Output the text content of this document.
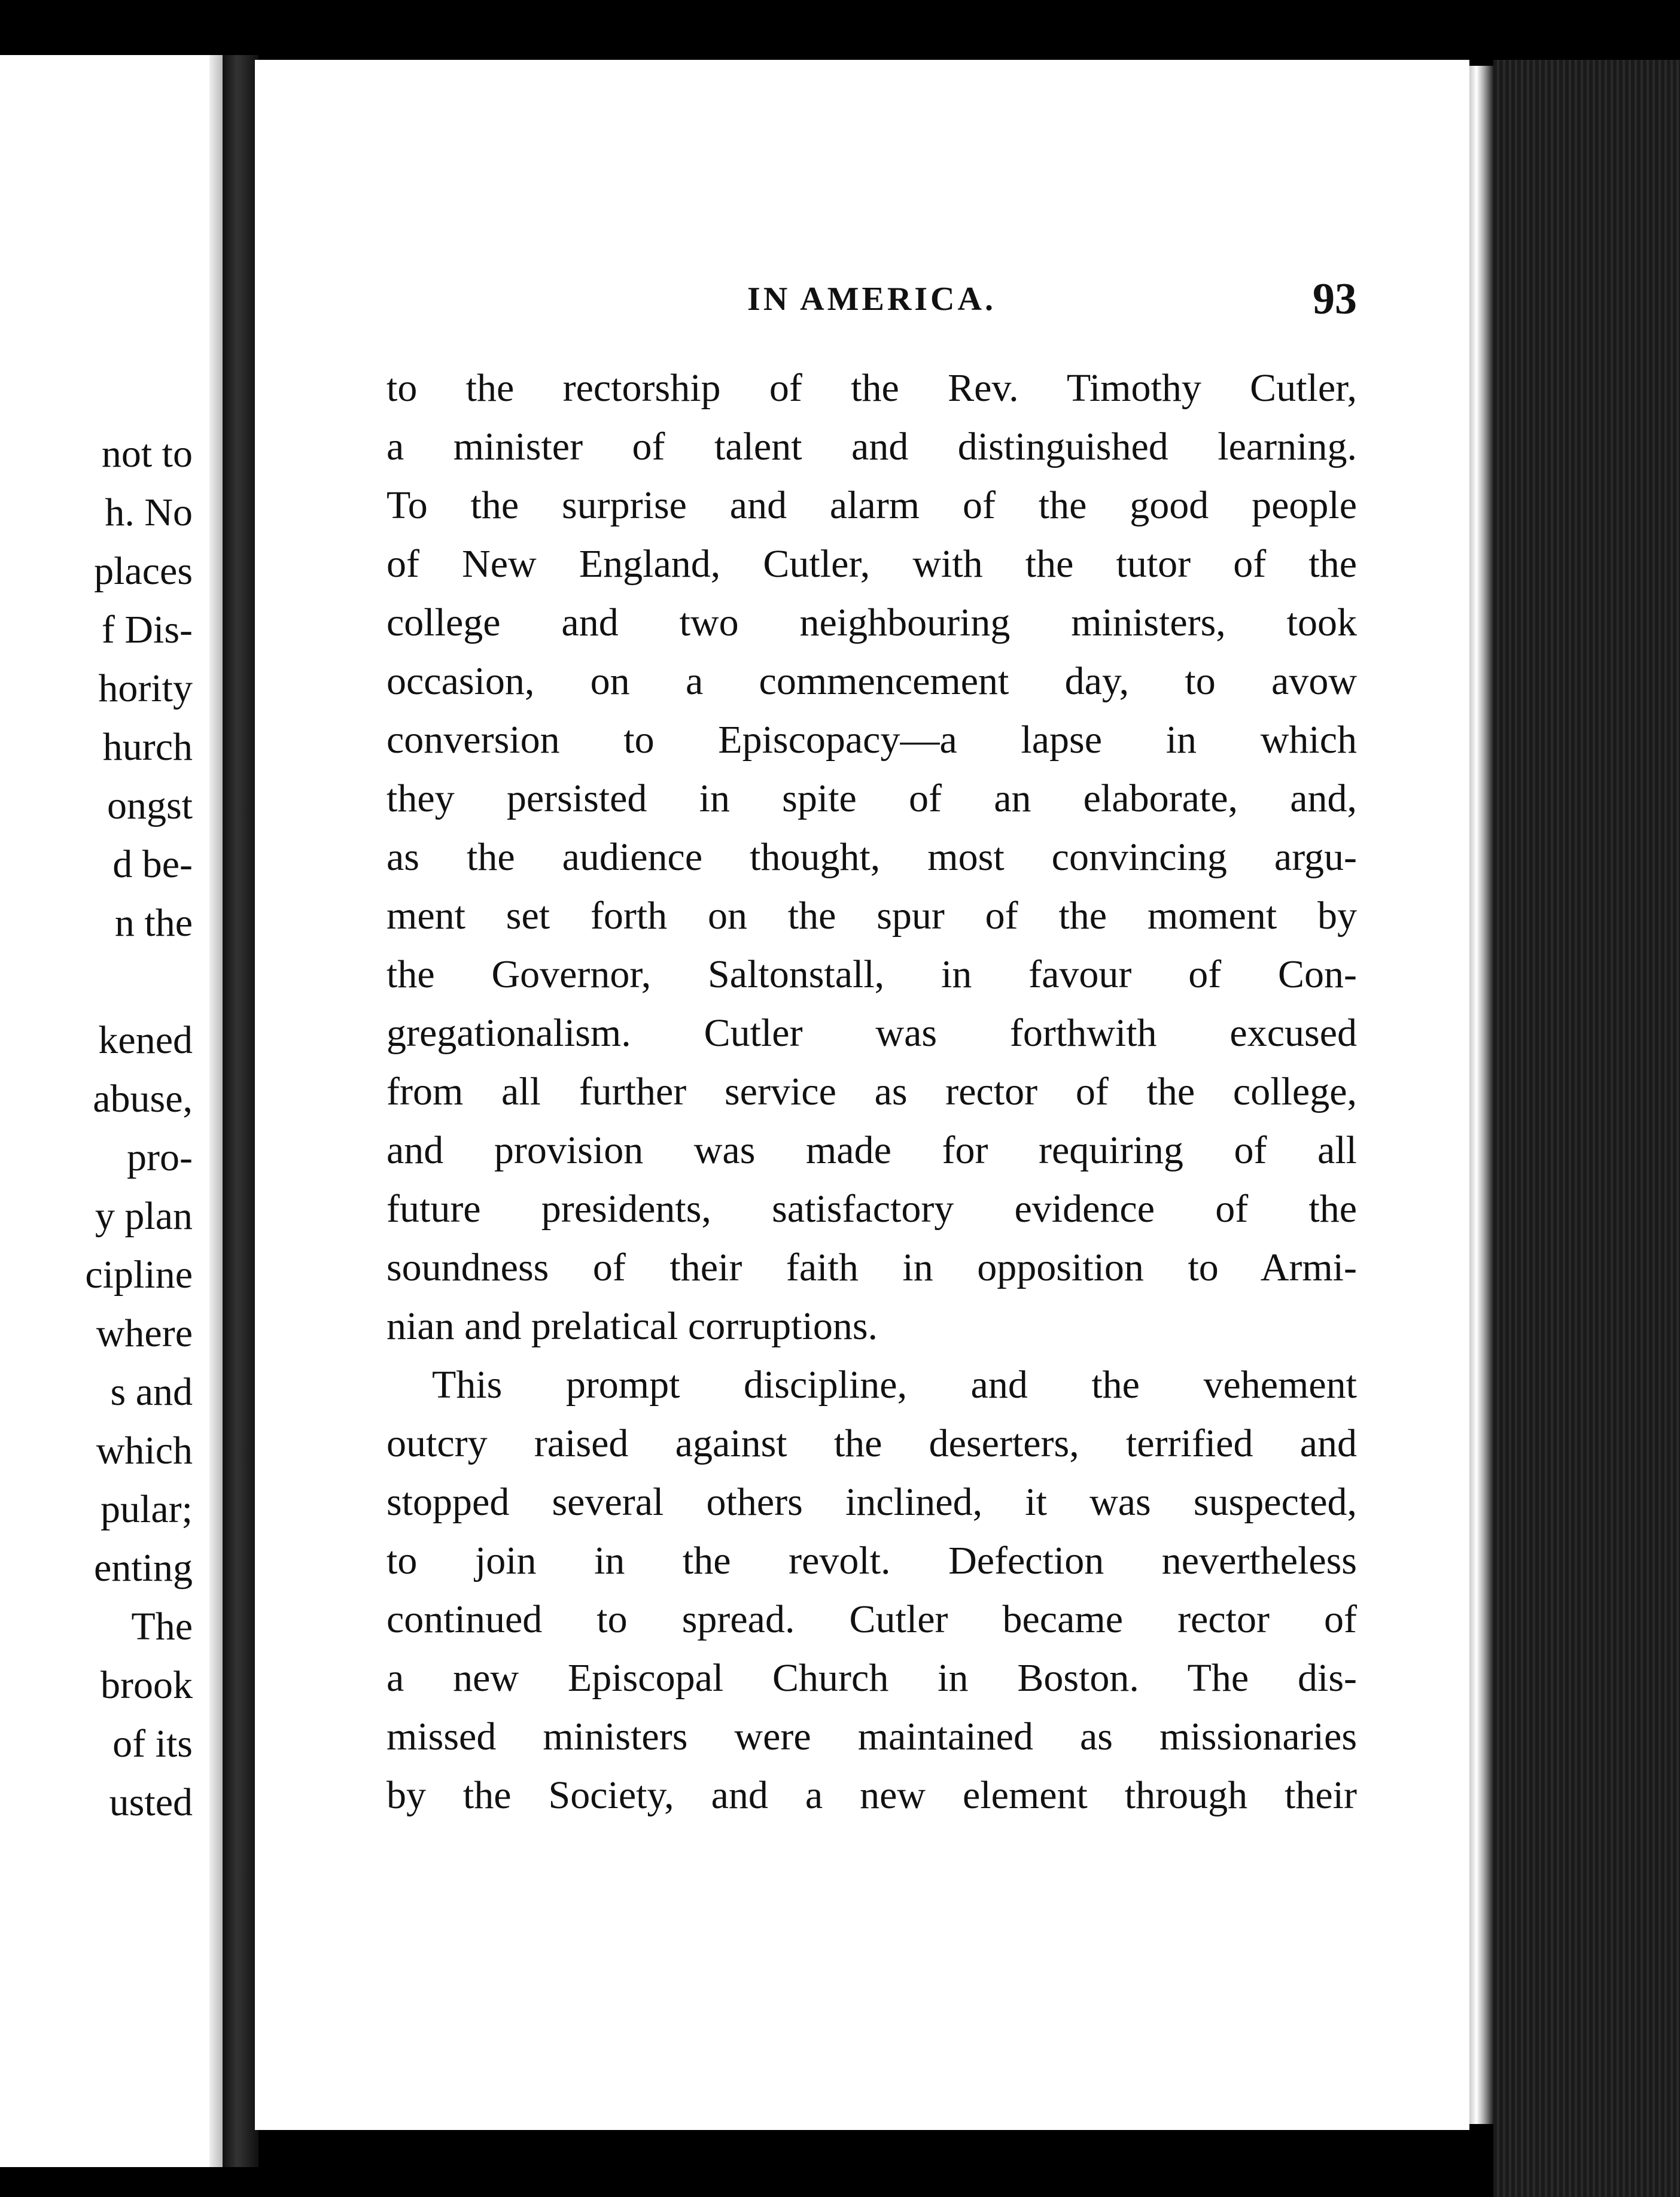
not to
h. No
places
f Dis-
hority
hurch
ongst
d be-
n the
kened
abuse,
pro-
y plan
cipline
where
s and
which
pular;
enting
The
brook
of its
usted
IN AMERICA.	93
to the rectorship of the Rev. Timothy Cutler,
a minister of talent and distinguished learning.
To the surprise and alarm of the good people
of New England, Cutler, with the tutor of the
college and two neighbouring ministers, took
occasion, on a commencement day, to avow
conversion to Episcopacy—a lapse in which
they persisted in spite of an elaborate, and,
as the audience thought, most convincing argu-
ment set forth on the spur of the moment by
the Governor, Saltonstall, in favour of Con-
gregationalism. Cutler was forthwith excused
from all further service as rector of the college,
and provision was made for requiring of all
future presidents, satisfactory evidence of the
soundness of their faith in opposition to Armi-
nian and prelatical corruptions.
This prompt discipline, and the vehement
outcry raised against the deserters, terrified and
stopped several others inclined, it was suspected,
to join in the revolt. Defection nevertheless
continued to spread. Cutler became rector of
a new Episcopal Church in Boston. The dis-
missed ministers were maintained as missionaries
by the Society, and a new element through their
